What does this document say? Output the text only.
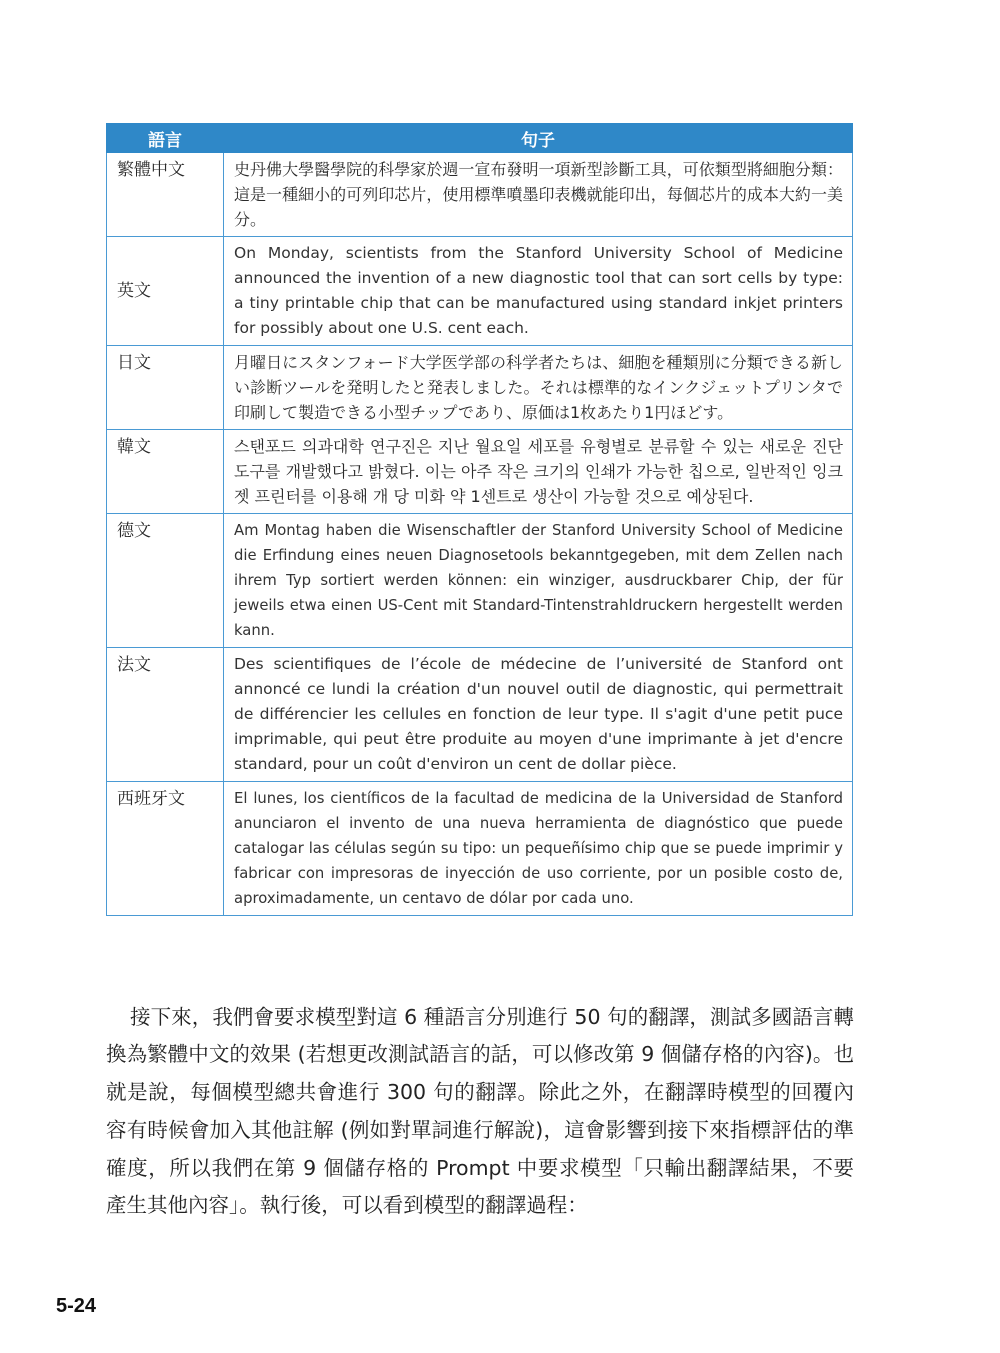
語言	句子
繁體中文	史丹佛大學醫學院的科學家於週一宣布發明一項新型診斷工具，可依類型將細胞分類：這是一種細小的可列印芯片，使用標準噴墨印表機就能印出，每個芯片的成本大約一美分。
英文	On Monday, scientists from the Stanford University School of Medicine announced the invention of a new diagnostic tool that can sort cells by type: a tiny printable chip that can be manufactured using standard inkjet printers for possibly about one U.S. cent each.
日文	月曜日にスタンフォード大学医学部の科学者たちは、細胞を種類別に分類できる新しい診断ツールを発明したと発表しました。それは標準的なインクジェットプリンタで印刷して製造できる小型チップであり、原価は1枚あたり1円ほどす。
韓文	스탠포드 의과대학 연구진은 지난 월요일 세포를 유형별로 분류할 수 있는 새로운 진단도구를 개발했다고 밝혔다. 이는 아주 작은 크기의 인쇄가 가능한 칩으로, 일반적인 잉크젯 프린터를 이용해 개 당 미화 약 1센트로 생산이 가능할 것으로 예상된다.
德文	Am Montag haben die Wisenschaftler der Stanford University School of Medicine die Erfindung eines neuen Diagnosetools bekanntgegeben, mit dem Zellen nach ihrem Typ sortiert werden können: ein winziger, ausdruckbarer Chip, der für jeweils etwa einen US-Cent mit Standard-Tintenstrahldruckern hergestellt werden kann.
法文	Des scientifiques de l’école de médecine de l’université de Stanford ont annoncé ce lundi la création d'un nouvel outil de diagnostic, qui permettrait de différencier les cellules en fonction de leur type. Il s'agit d'une petit puce imprimable, qui peut être produite au moyen d'une imprimante à jet d'encre standard, pour un coût d'environ un cent de dollar pièce.
西班牙文	El lunes, los científicos de la facultad de medicina de la Universidad de Stanford anunciaron el invento de una nueva herramienta de diagnóstico que puede catalogar las células según su tipo: un pequeñísimo chip que se puede imprimir y fabricar con impresoras de inyección de uso corriente, por un posible costo de, aproximadamente, un centavo de dólar por cada uno.

接下來，我們會要求模型對這 6 種語言分別進行 50 句的翻譯，測試多國語言轉換為繁體中文的效果 (若想更改測試語言的話，可以修改第 9 個儲存格的內容)。也就是說，每個模型總共會進行 300 句的翻譯。除此之外，在翻譯時模型的回覆內容有時候會加入其他註解 (例如對單詞進行解說)，這會影響到接下來指標評估的準確度，所以我們在第 9 個儲存格的 Prompt 中要求模型「只輸出翻譯結果，不要產生其他內容」。執行後，可以看到模型的翻譯過程：

5-24
